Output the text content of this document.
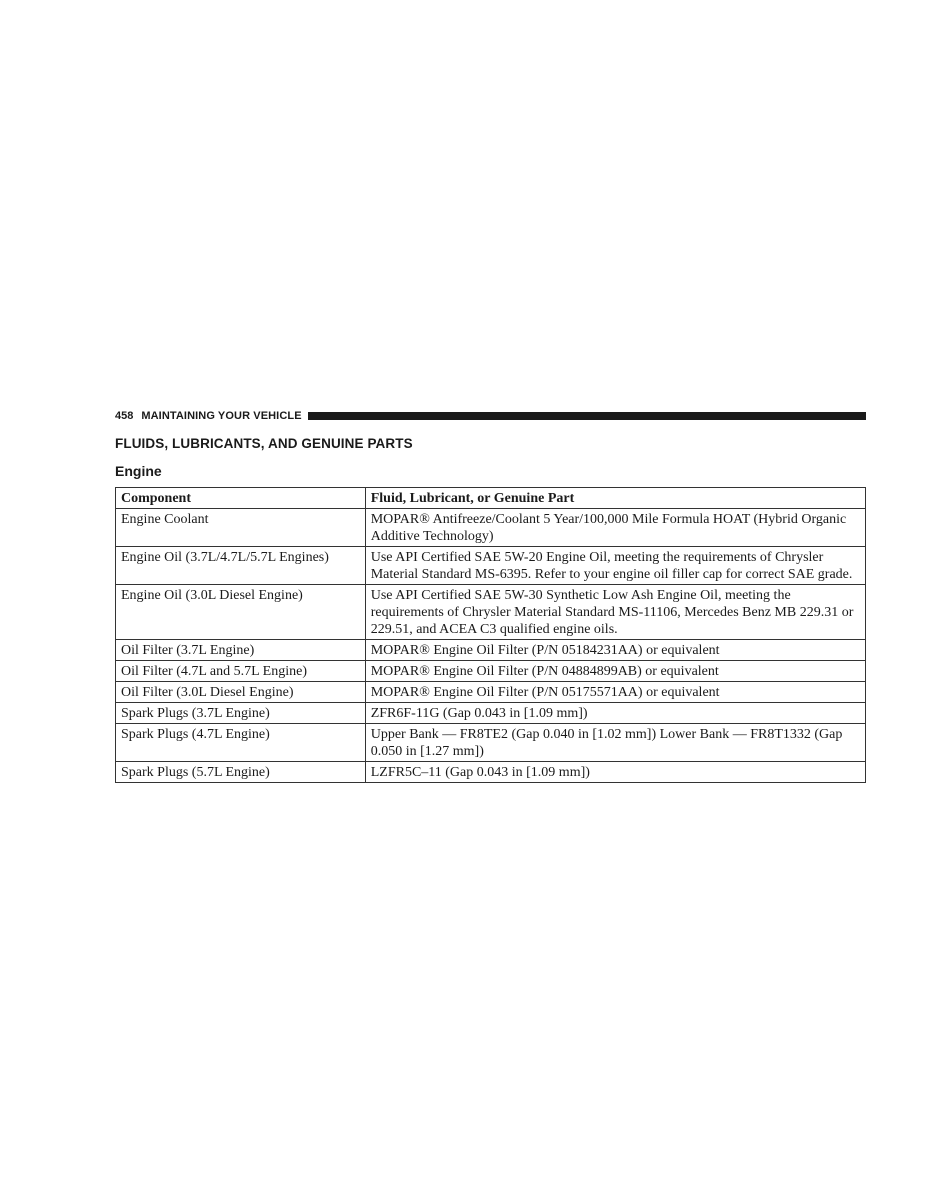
458 MAINTAINING YOUR VEHICLE
FLUIDS, LUBRICANTS, AND GENUINE PARTS
Engine
Component	Fluid, Lubricant, or Genuine Part
Engine Coolant	MOPAR® Antifreeze/Coolant 5 Year/100,000 Mile Formula HOAT (Hybrid Organic Additive Technology)
Engine Oil (3.7L/4.7L/5.7L Engines)	Use API Certified SAE 5W-20 Engine Oil, meeting the requirements of Chrysler Material Standard MS-6395. Refer to your engine oil filler cap for correct SAE grade.
Engine Oil (3.0L Diesel Engine)	Use API Certified SAE 5W-30 Synthetic Low Ash Engine Oil, meeting the requirements of Chrysler Material Standard MS-11106, Mercedes Benz MB 229.31 or 229.51, and ACEA C3 qualified engine oils.
Oil Filter (3.7L Engine)	MOPAR® Engine Oil Filter (P/N 05184231AA) or equivalent
Oil Filter (4.7L and 5.7L Engine)	MOPAR® Engine Oil Filter (P/N 04884899AB) or equivalent
Oil Filter (3.0L Diesel Engine)	MOPAR® Engine Oil Filter (P/N 05175571AA) or equivalent
Spark Plugs (3.7L Engine)	ZFR6F-11G (Gap 0.043 in [1.09 mm])
Spark Plugs (4.7L Engine)	Upper Bank — FR8TE2 (Gap 0.040 in [1.02 mm]) Lower Bank — FR8T1332 (Gap 0.050 in [1.27 mm])
Spark Plugs (5.7L Engine)	LZFR5C–11 (Gap 0.043 in [1.09 mm])
